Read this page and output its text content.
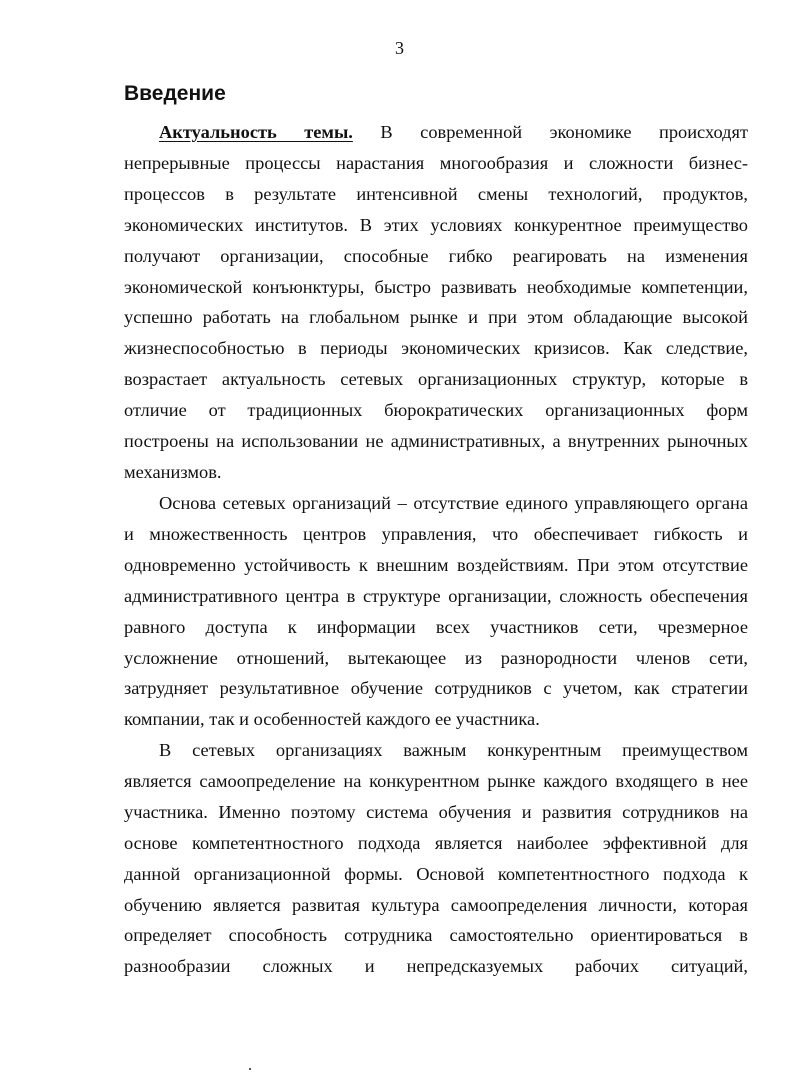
3
Введение
Актуальность темы. В современной экономике происходят
непрерывные процессы нарастания многообразия и сложности бизнес-
процессов в результате интенсивной смены технологий, продуктов,
экономических институтов. В этих условиях конкурентное преимущество
получают организации, способные гибко реагировать на изменения
экономической конъюнктуры, быстро развивать необходимые компетенции,
успешно работать на глобальном рынке и при этом обладающие высокой
жизнеспособностью в периоды экономических кризисов. Как следствие,
возрастает актуальность сетевых организационных структур, которые в
отличие от традиционных бюрократических организационных форм
построены на использовании не административных, а внутренних рыночных
механизмов.
Основа сетевых организаций – отсутствие единого управляющего органа
и множественность центров управления, что обеспечивает гибкость и
одновременно устойчивость к внешним воздействиям. При этом отсутствие
административного центра в структуре организации, сложность обеспечения
равного доступа к информации всех участников сети, чрезмерное
усложнение отношений, вытекающее из разнородности членов сети,
затрудняет результативное обучение сотрудников с учетом, как стратегии
компании, так и особенностей каждого ее участника.
В сетевых организациях важным конкурентным преимуществом
является самоопределение на конкурентном рынке каждого входящего в нее
участника. Именно поэтому система обучения и развития сотрудников на
основе компетентностного подхода является наиболее эффективной для
данной организационной формы. Основой компетентностного подхода к
обучению является развитая культура самоопределения личности, которая
определяет способность сотрудника самостоятельно ориентироваться в
разнообразии сложных и непредсказуемых рабочих ситуаций,
